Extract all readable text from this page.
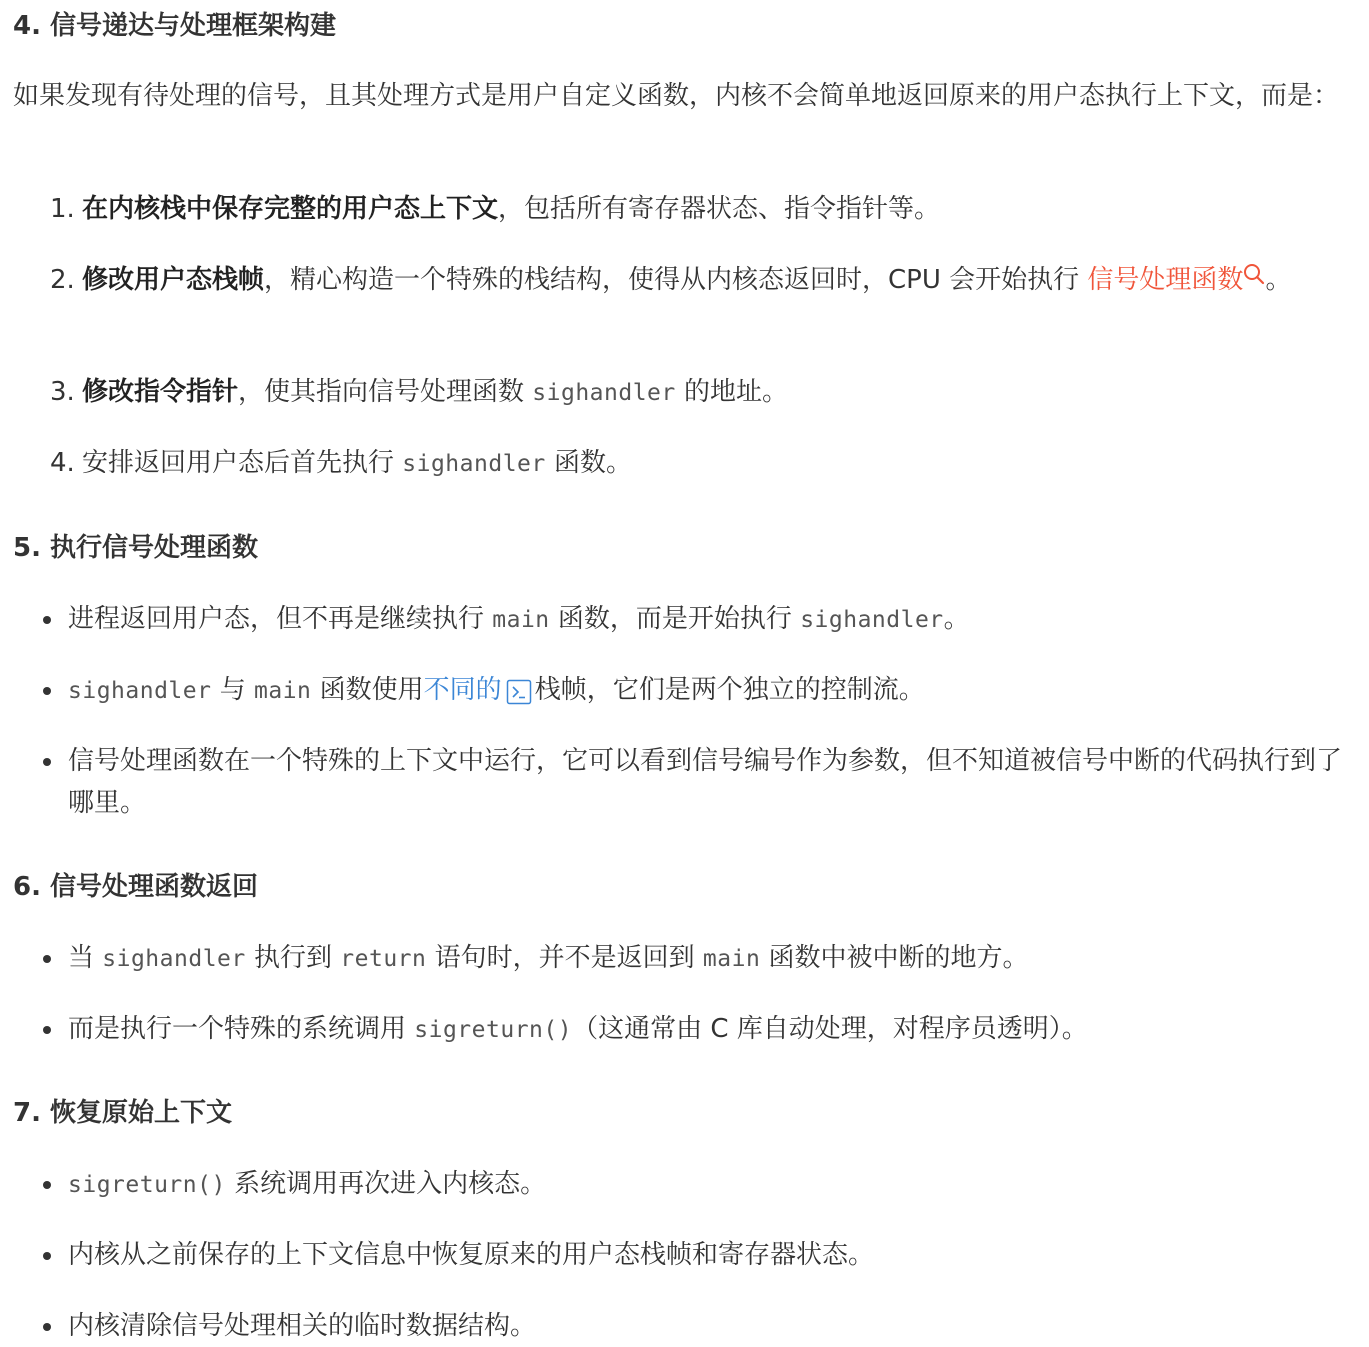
4. 信号递达与处理框架构建

如果发现有待处理的信号，且其处理方式是用户自定义函数，内核不会简单地返回原来的用户态执行上下文，而是：

1. 在内核栈中保存完整的用户态上下文，包括所有寄存器状态、指令指针等。
2. 修改用户态栈帧，精心构造一个特殊的栈结构，使得从内核态返回时，CPU 会开始执行 信号处理函数 。
3. 修改指令指针，使其指向信号处理函数 sighandler 的地址。
4. 安排返回用户态后首先执行 sighandler 函数。
5. 执行信号处理函数
进程返回用户态，但不再是继续执行 main 函数，而是开始执行 sighandler。
sighandler 与 main 函数使用不同的 栈帧，它们是两个独立的控制流。
信号处理函数在一个特殊的上下文中运行，它可以看到信号编号作为参数，但不知道被信号中断的代码执行到了哪里。
6. 信号处理函数返回
当 sighandler 执行到 return 语句时，并不是返回到 main 函数中被中断的地方。
而是执行一个特殊的系统调用 sigreturn()（这通常由 C 库自动处理，对程序员透明）。
7. 恢复原始上下文
sigreturn() 系统调用再次进入内核态。
内核从之前保存的上下文信息中恢复原来的用户态栈帧和寄存器状态。
内核清除信号处理相关的临时数据结构。
